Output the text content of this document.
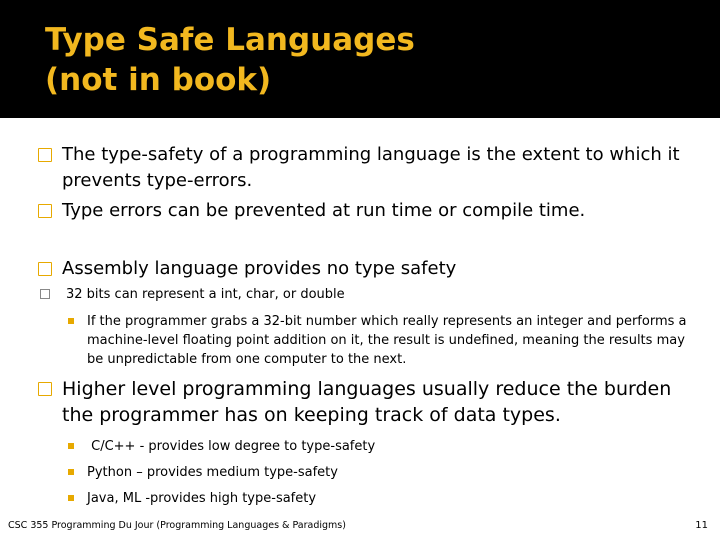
Type Safe Languages
(not in book)
The type-safety of a programming language is the extent to which it prevents type-errors.
Type errors can be prevented at run time or compile time.
Assembly language provides no type safety
32 bits can represent a int, char, or double
If the programmer grabs a 32-bit number which really represents an integer and performs a machine-level floating point addition on it, the result is undefined, meaning the results may be unpredictable from one computer to the next.
Higher level programming languages usually reduce the burden the programmer has on keeping track of data types.
C/C++ - provides low degree to type-safety
Python – provides medium type-safety
Java, ML -provides high type-safety
CSC 355 Programming Du Jour (Programming Languages & Paradigms)	11
